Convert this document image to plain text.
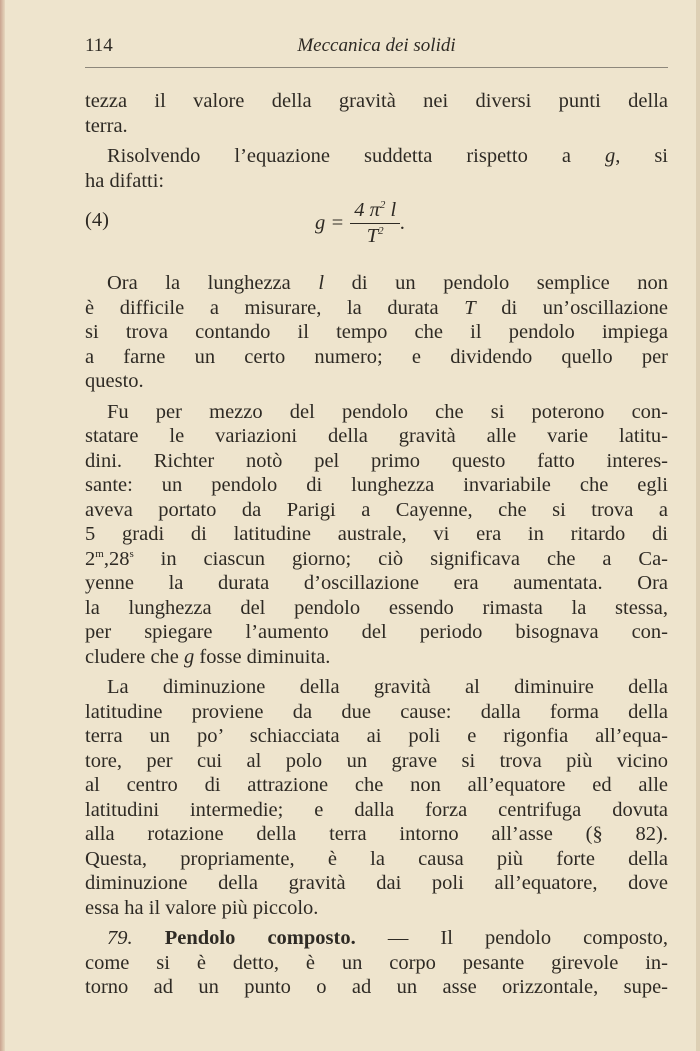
114	Meccanica dei solidi
tezza il valore della gravità nei diversi punti della
terra.
Risolvendo l’equazione suddetta rispetto a g, si
ha difatti:
(4)	$g = \frac{4 \pi^2 l}{T^2}$ .
Ora la lunghezza l di un pendolo semplice non
è difficile a misurare, la durata T di un’oscillazione
si trova contando il tempo che il pendolo impiega
a farne un certo numero; e dividendo quello per
questo.
Fu per mezzo del pendolo che si poterono con-
statare le variazioni della gravità alle varie latitu-
dini. Richter notò pel primo questo fatto interes-
sante: un pendolo di lunghezza invariabile che egli
aveva portato da Parigi a Cayenne, che si trova a
5 gradi di latitudine australe, vi era in ritardo di
2$^m$,28$^s$ in ciascun giorno; ciò significava che a Ca-
yenne la durata d’oscillazione era aumentata. Ora
la lunghezza del pendolo essendo rimasta la stessa,
per spiegare l’aumento del periodo bisognava con-
cludere che g fosse diminuita.
La diminuzione della gravità al diminuire della
latitudine proviene da due cause: dalla forma della
terra un po’ schiacciata ai poli e rigonfia all’equa-
tore, per cui al polo un grave si trova più vicino
al centro di attrazione che non all’equatore ed alle
latitudini intermedie; e dalla forza centrifuga dovuta
alla rotazione della terra intorno all’asse (§ 82).
Questa, propriamente, è la causa più forte della
diminuzione della gravità dai poli all’equatore, dove
essa ha il valore più piccolo.
79. Pendolo composto. — Il pendolo composto,
come si è detto, è un corpo pesante girevole in-
torno ad un punto o ad un asse orizzontale, supe-
